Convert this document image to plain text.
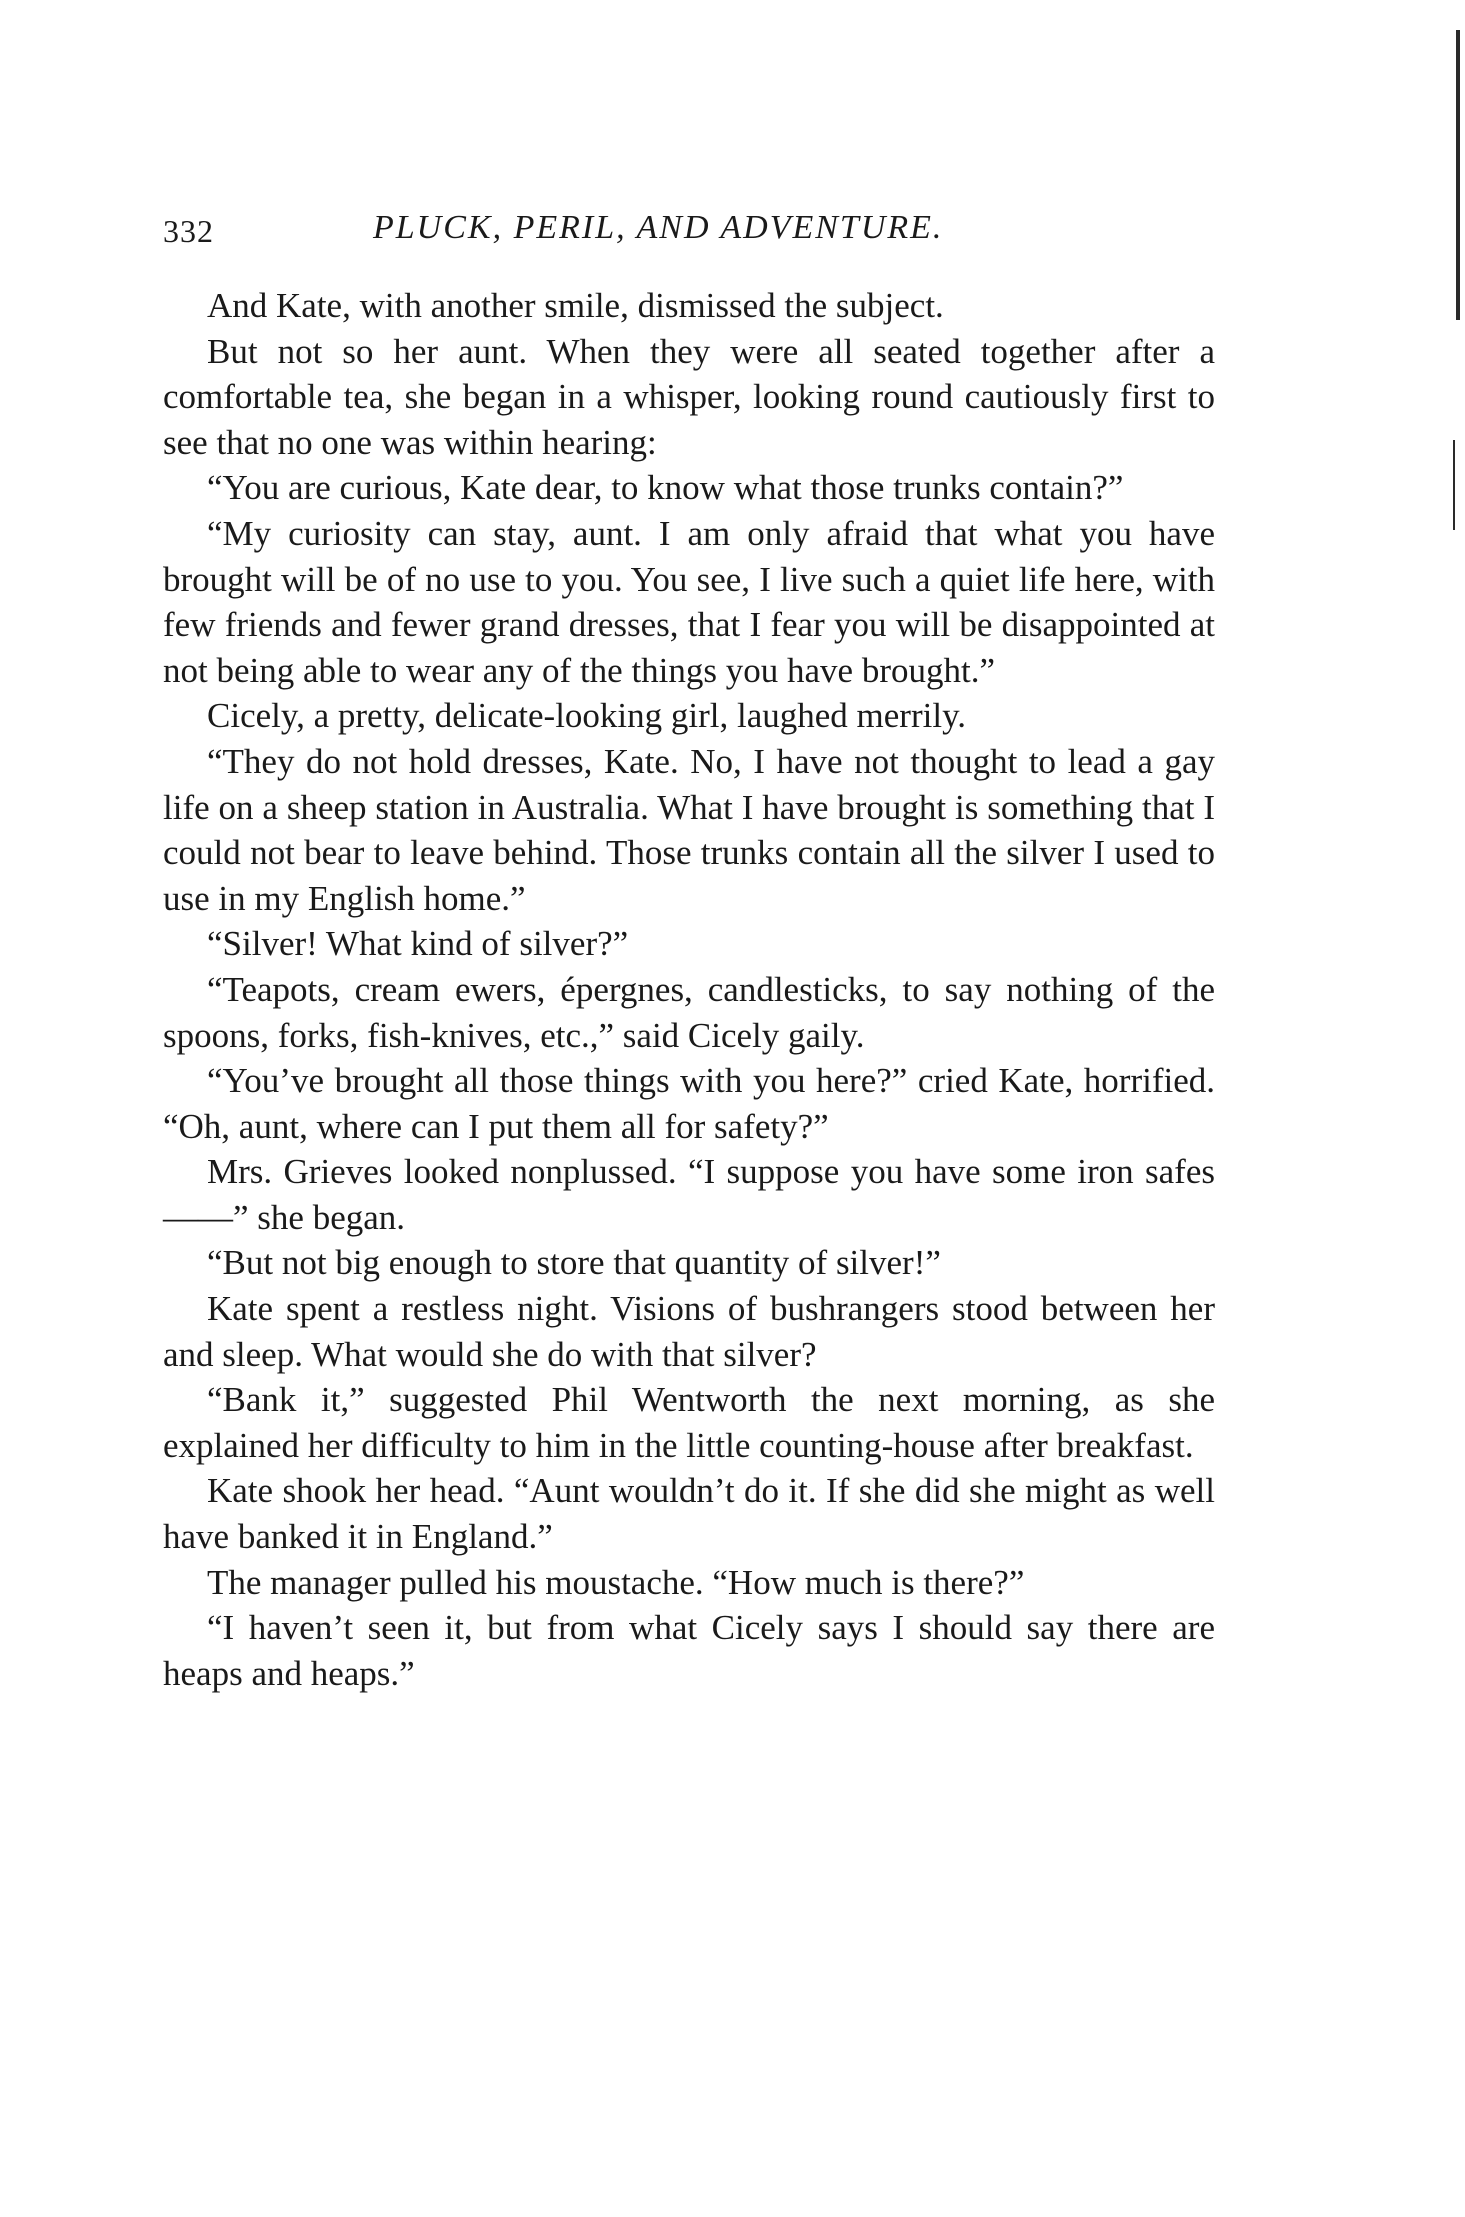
332	PLUCK, PERIL, AND ADVENTURE.

And Kate, with another smile, dismissed the subject.

But not so her aunt. When they were all seated together after a comfortable tea, she began in a whisper, looking round cautiously first to see that no one was within hearing:

“You are curious, Kate dear, to know what those trunks contain?”

“My curiosity can stay, aunt. I am only afraid that what you have brought will be of no use to you. You see, I live such a quiet life here, with few friends and fewer grand dresses, that I fear you will be disappointed at not being able to wear any of the things you have brought.”

Cicely, a pretty, delicate-looking girl, laughed merrily.

“They do not hold dresses, Kate. No, I have not thought to lead a gay life on a sheep station in Australia. What I have brought is something that I could not bear to leave behind. Those trunks contain all the silver I used to use in my English home.”

“Silver! What kind of silver?”

“Teapots, cream ewers, épergnes, candlesticks, to say nothing of the spoons, forks, fish-knives, etc.,” said Cicely gaily.

“You’ve brought all those things with you here?” cried Kate, horrified. “Oh, aunt, where can I put them all for safety?”

Mrs. Grieves looked nonplussed. “I suppose you have some iron safes——” she began.

“But not big enough to store that quantity of silver!”

Kate spent a restless night. Visions of bushrangers stood between her and sleep. What would she do with that silver?

“Bank it,” suggested Phil Wentworth the next morning, as she explained her difficulty to him in the little counting-house after breakfast.

Kate shook her head. “Aunt wouldn’t do it. If she did she might as well have banked it in England.”

The manager pulled his moustache. “How much is there?”

“I haven’t seen it, but from what Cicely says I should say there are heaps and heaps.”
